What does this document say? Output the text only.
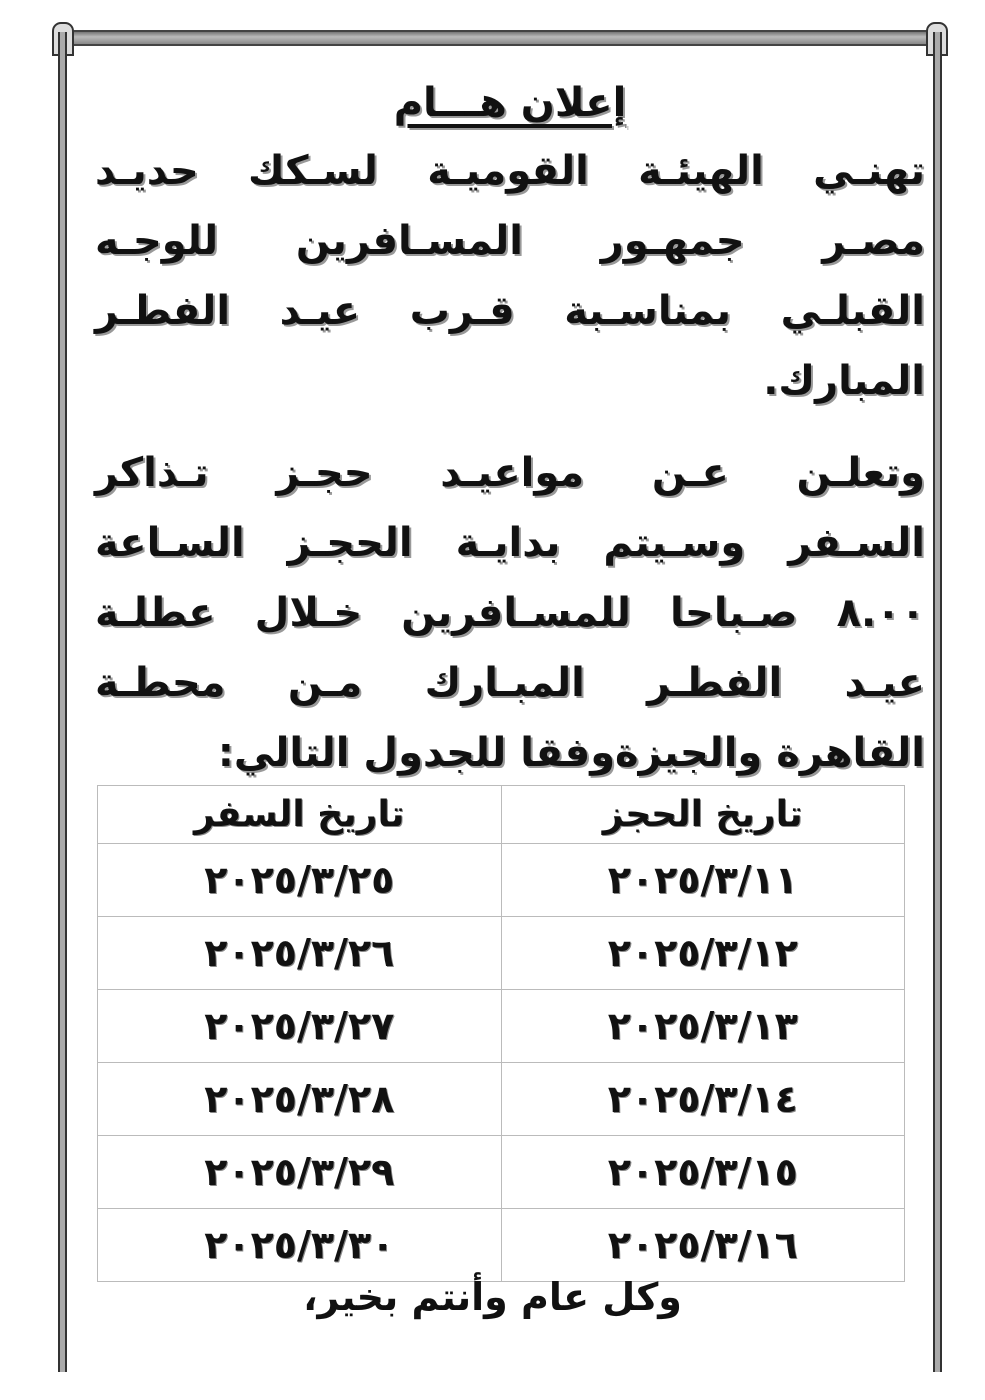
إعلان هـــام
تهنـي الهيئـة القوميـة لسـكك حديـد
مصـر جمهـور المسـافرين للوجـه
القبلـي بمناسـبة قـرب عيـد الفطـر
المبارك.
وتعلـن عـن مواعيـد حجـز تـذاكر
السـفر وسـيتم بدايـة الحجـز السـاعة
٨.٠٠ صـباحا للمسـافرين خـلال عطلـة
عيـد الفطـر المبـارك مـن محطـة
القاهرة والجيزةوفقا للجدول التالي:
تاريخ الحجز	تاريخ السفر
٢٠٢٥/٣/١١	٢٠٢٥/٣/٢٥
٢٠٢٥/٣/١٢	٢٠٢٥/٣/٢٦
٢٠٢٥/٣/١٣	٢٠٢٥/٣/٢٧
٢٠٢٥/٣/١٤	٢٠٢٥/٣/٢٨
٢٠٢٥/٣/١٥	٢٠٢٥/٣/٢٩
٢٠٢٥/٣/١٦	٢٠٢٥/٣/٣٠
وكل عام وأنتم بخير،
